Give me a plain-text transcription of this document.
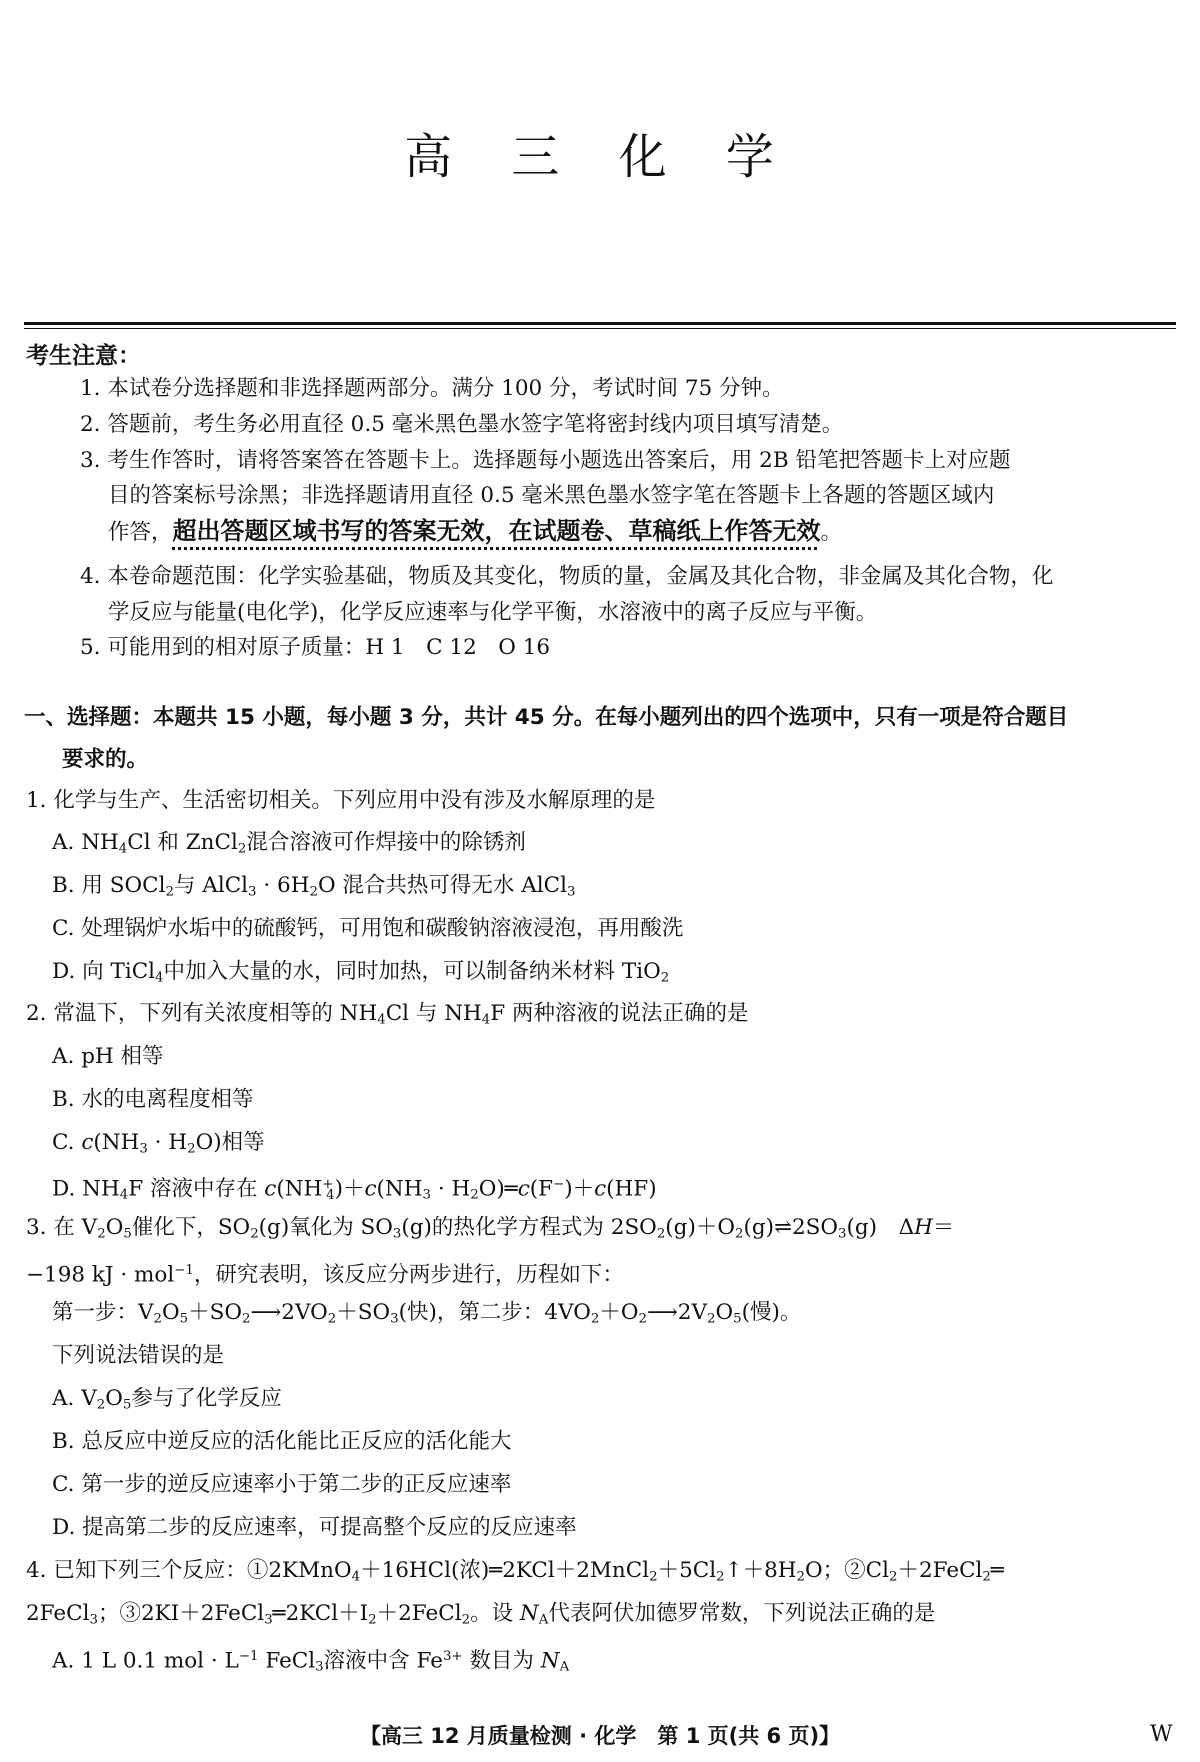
高 三 化 学
考生注意：
1. 本试卷分选择题和非选择题两部分。满分 100 分，考试时间 75 分钟。
2. 答题前，考生务必用直径 0.5 毫米黑色墨水签字笔将密封线内项目填写清楚。
3. 考生作答时，请将答案答在答题卡上。选择题每小题选出答案后，用 2B 铅笔把答题卡上对应题
目的答案标号涂黑；非选择题请用直径 0.5 毫米黑色墨水签字笔在答题卡上各题的答题区域内
作答，超出答题区域书写的答案无效，在试题卷、草稿纸上作答无效。
4. 本卷命题范围：化学实验基础，物质及其变化，物质的量，金属及其化合物，非金属及其化合物，化
学反应与能量(电化学)，化学反应速率与化学平衡，水溶液中的离子反应与平衡。
5. 可能用到的相对原子质量：H 1　C 12　O 16
一、选择题：本题共 15 小题，每小题 3 分，共计 45 分。在每小题列出的四个选项中，只有一项是符合题目
要求的。
1. 化学与生产、生活密切相关。下列应用中没有涉及水解原理的是
A. $NH_4Cl$ 和 ZnCl$_2$混合溶液可作焊接中的除锈剂
B. 用 SOCl$_2$与 AlCl$_3$ · $6H_2O$ 混合共热可得无水 AlCl$_3$
C. 处理锅炉水垢中的硫酸钙，可用饱和碳酸钠溶液浸泡，再用酸洗
D. 向 TiCl$_4$中加入大量的水，同时加热，可以制备纳米材料 TiO$_2$
2. 常温下，下列有关浓度相等的 $NH_4Cl$ 与 $NH_4F$ 两种溶液的说法正确的是
A. pH 相等
B. 水的电离程度相等
C. $c(NH_3 \cdot H_2O)$相等
D. $NH_4F$ 溶液中存在 $c(NH^+_4)+c(NH_3$ · $H_2O)═c(F^-)+c(HF)$
3. 在 $V_2O_5$催化下，$SO_2(g)$氧化为 $SO_3(g)$的热化学方程式为 $2SO_2(g)+O_2(g)\rightleftharpoons 2SO_3(g)$　ΔH＝
−198 kJ · mol$^{-1}$，研究表明，该反应分两步进行，历程如下：
第一步：$V_2O_5+SO_2⟶2VO_2+SO_3$(快)，第二步：$4VO_2+O_2⟶2V_2O_5$(慢)。
下列说法错误的是
A. $V_2O_5$参与了化学反应
B. 总反应中逆反应的活化能比正反应的活化能大
C. 第一步的逆反应速率小于第二步的正反应速率
D. 提高第二步的反应速率，可提高整个反应的反应速率
4. 已知下列三个反应：①2KMnO$_4$＋16HCl(浓)$═2KCl+2MnCl_2+5Cl_2↑+8H_2O$；$②Cl_2+2FeCl_2═$
2FeCl$_3$；$③2KI+2FeCl_3═2KCl+I_2+2FeCl_2$。设 $N_A$代表阿伏加德罗常数，下列说法正确的是
A. 1 L 0.1 mol · $L^{-1}$ FeCl$_3$溶液中含 $Fe^{3+}$ 数目为 $N_A$
【高三 12 月质量检测 · 化学　第 1 页(共 6 页)】	W
